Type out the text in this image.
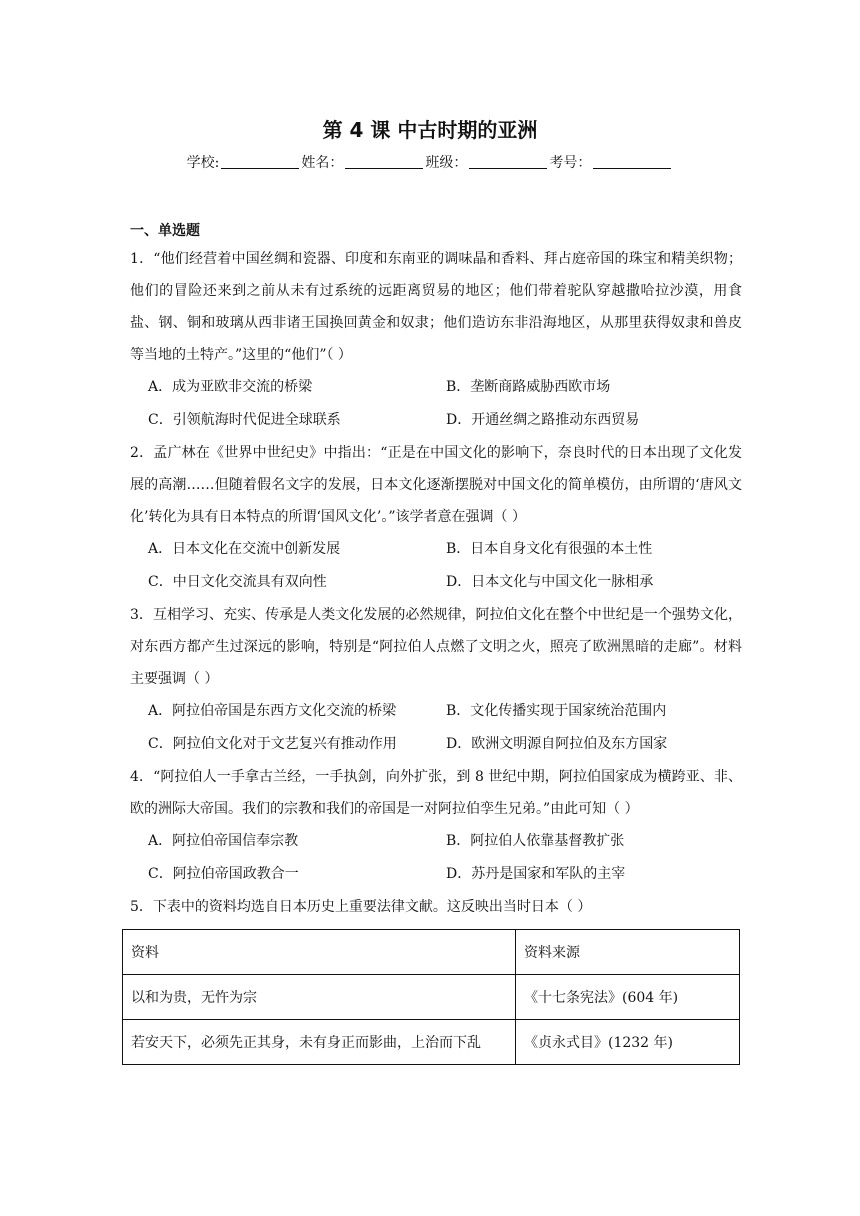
第 4 课 中古时期的亚洲
学校:	姓名：	班级：	考号：
一、单选题

1．“他们经营着中国丝绸和瓷器、印度和东南亚的调味晶和香料、拜占庭帝国的珠宝和精美织物；他们的冒险还来到之前从未有过系统的远距离贸易的地区；他们带着驼队穿越撒哈拉沙漠，用食盐、钢、铜和玻璃从西非诸王国换回黄金和奴隶；他们造访东非沿海地区，从那里获得奴隶和兽皮等当地的土特产。”这里的“他们”（ ）

A．成为亚欧非交流的桥梁	B．垄断商路威胁西欧市场
C．引领航海时代促进全球联系	D．开通丝绸之路推动东西贸易

2．孟广林在《世界中世纪史》中指出：“正是在中国文化的影响下，奈良时代的日本出现了文化发展的高潮……但随着假名文字的发展，日本文化逐渐摆脱对中国文化的简单模仿，由所谓的‘唐风文化’转化为具有日本特点的所谓‘国风文化’。”该学者意在强调（ ）

A．日本文化在交流中创新发展	B．日本自身文化有很强的本土性
C．中日文化交流具有双向性	D．日本文化与中国文化一脉相承

3．互相学习、充实、传承是人类文化发展的必然规律，阿拉伯文化在整个中世纪是一个强势文化，对东西方都产生过深远的影响，特别是“阿拉伯人点燃了文明之火，照亮了欧洲黑暗的走廊”。材料主要强调（ ）

A．阿拉伯帝国是东西方文化交流的桥梁	B．文化传播实现于国家统治范围内
C．阿拉伯文化对于文艺复兴有推动作用	D．欧洲文明源自阿拉伯及东方国家

4．“阿拉伯人一手拿古兰经，一手执剑，向外扩张，到 8 世纪中期，阿拉伯国家成为横跨亚、非、欧的洲际大帝国。我们的宗教和我们的帝国是一对阿拉伯孪生兄弟。”由此可知（ ）

A．阿拉伯帝国信奉宗教	B．阿拉伯人依靠基督教扩张
C．阿拉伯帝国政教合一	D．苏丹是国家和军队的主宰

5．下表中的资料均选自日本历史上重要法律文献。这反映出当时日本（ ）

资料	资料来源
以和为贵，无忤为宗	《十七条宪法》(604 年)
若安天下，必须先正其身，未有身正而影曲，上治而下乱	《贞永式目》(1232 年)
